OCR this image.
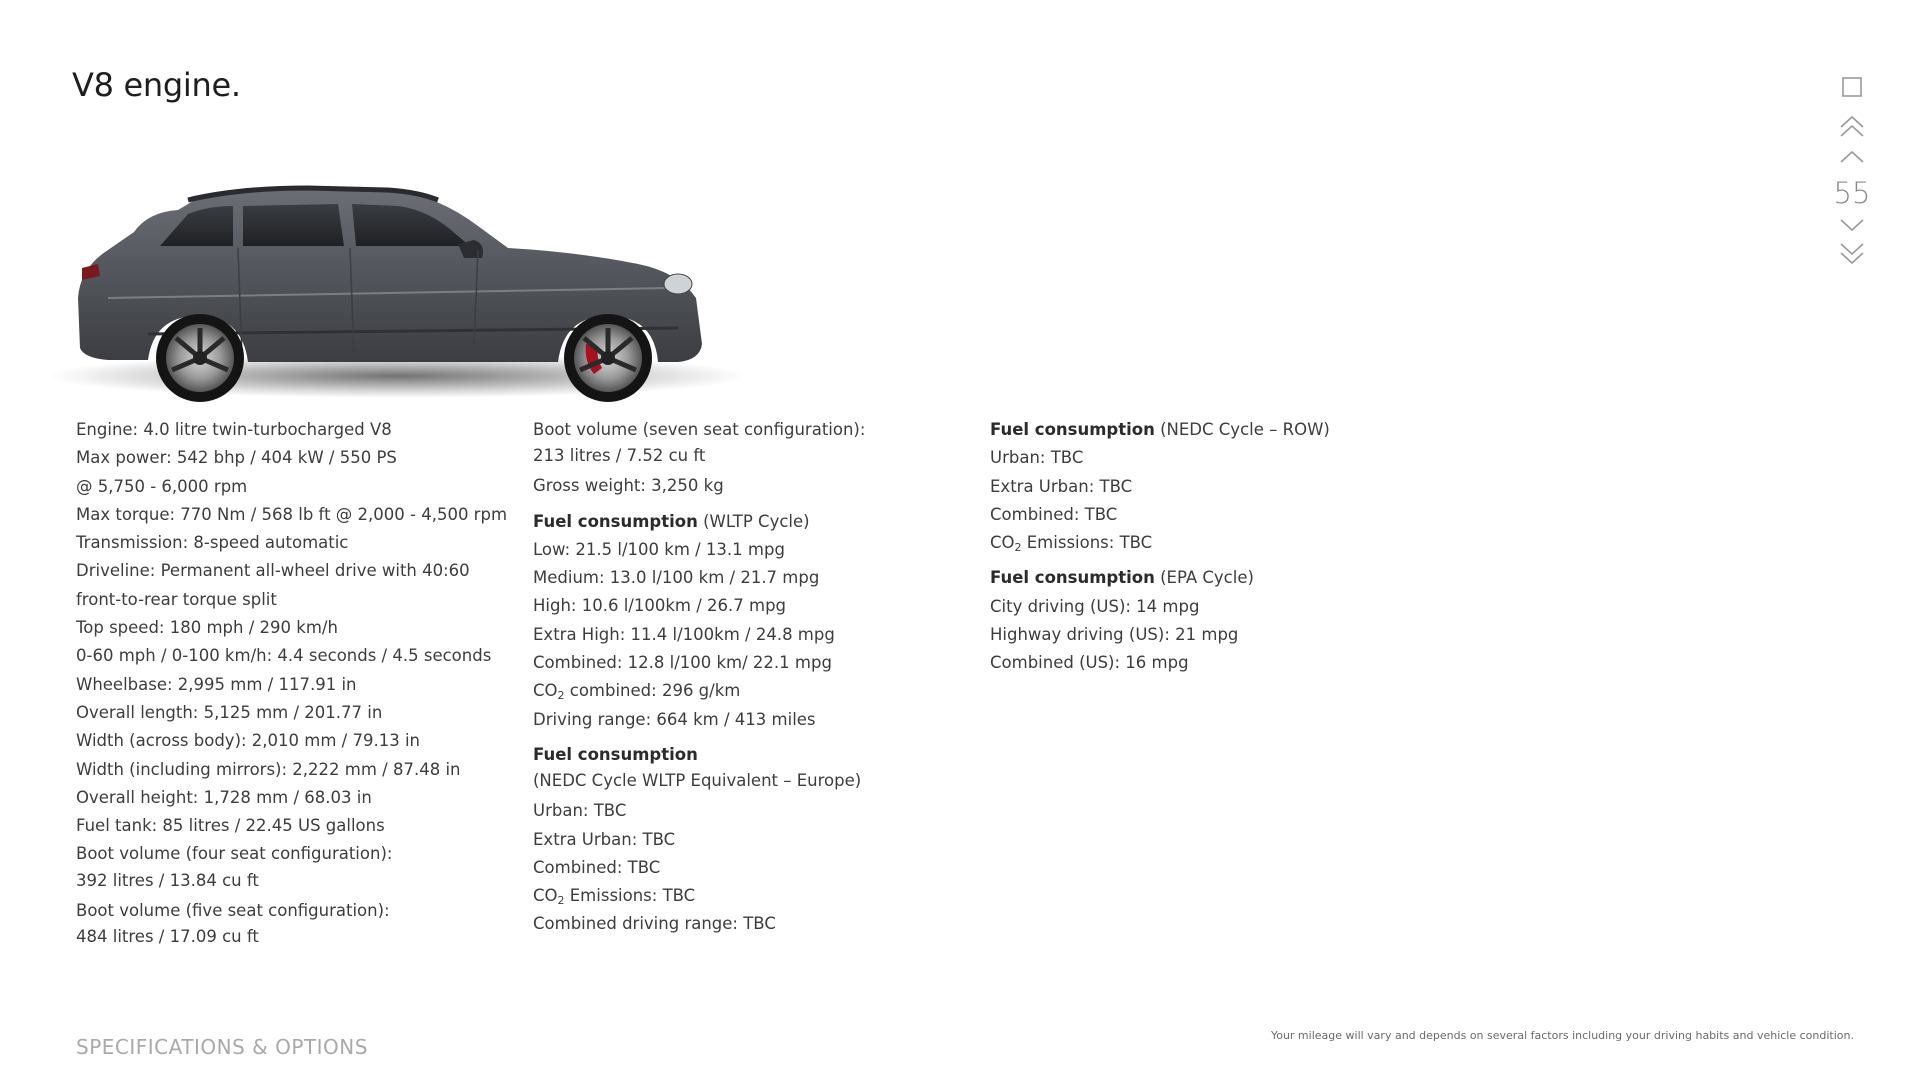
V8 engine.
Engine: 4.0 litre twin-turbocharged V8
Max power: 542 bhp / 404 kW / 550 PS
@ 5,750 - 6,000 rpm
Max torque: 770 Nm / 568 lb ft @ 2,000 - 4,500 rpm
Transmission: 8-speed automatic
Driveline: Permanent all-wheel drive with 40:60
front-to-rear torque split
Top speed: 180 mph / 290 km/h
0-60 mph / 0-100 km/h: 4.4 seconds / 4.5 seconds
Wheelbase: 2,995 mm / 117.91 in
Overall length: 5,125 mm / 201.77 in
Width (across body): 2,010 mm / 79.13 in
Width (including mirrors): 2,222 mm / 87.48 in
Overall height: 1,728 mm / 68.03 in
Fuel tank: 85 litres / 22.45 US gallons
Boot volume (four seat configuration):
392 litres / 13.84 cu ft
Boot volume (five seat configuration):
484 litres / 17.09 cu ft
Boot volume (seven seat configuration):
213 litres / 7.52 cu ft
Gross weight: 3,250 kg
Fuel consumption (WLTP Cycle)
Low: 21.5 l/100 km / 13.1 mpg
Medium: 13.0 l/100 km / 21.7 mpg
High: 10.6 l/100km / 26.7 mpg
Extra High: 11.4 l/100km / 24.8 mpg
Combined: 12.8 l/100 km/ 22.1 mpg
$CO_2$ combined: 296 g/km
Driving range: 664 km / 413 miles
Fuel consumption
(NEDC Cycle WLTP Equivalent – Europe)
Urban: TBC
Extra Urban: TBC
Combined: TBC
$CO_2$ Emissions: TBC
Combined driving range: TBC
Fuel consumption (NEDC Cycle – ROW)
Urban: TBC
Extra Urban: TBC
Combined: TBC
$CO_2$ Emissions: TBC
Fuel consumption (EPA Cycle)
City driving (US): 14 mpg
Highway driving (US): 21 mpg
Combined (US): 16 mpg
55
SPECIFICATIONS & OPTIONS	Your mileage will vary and depends on several factors including your driving habits and vehicle condition.
